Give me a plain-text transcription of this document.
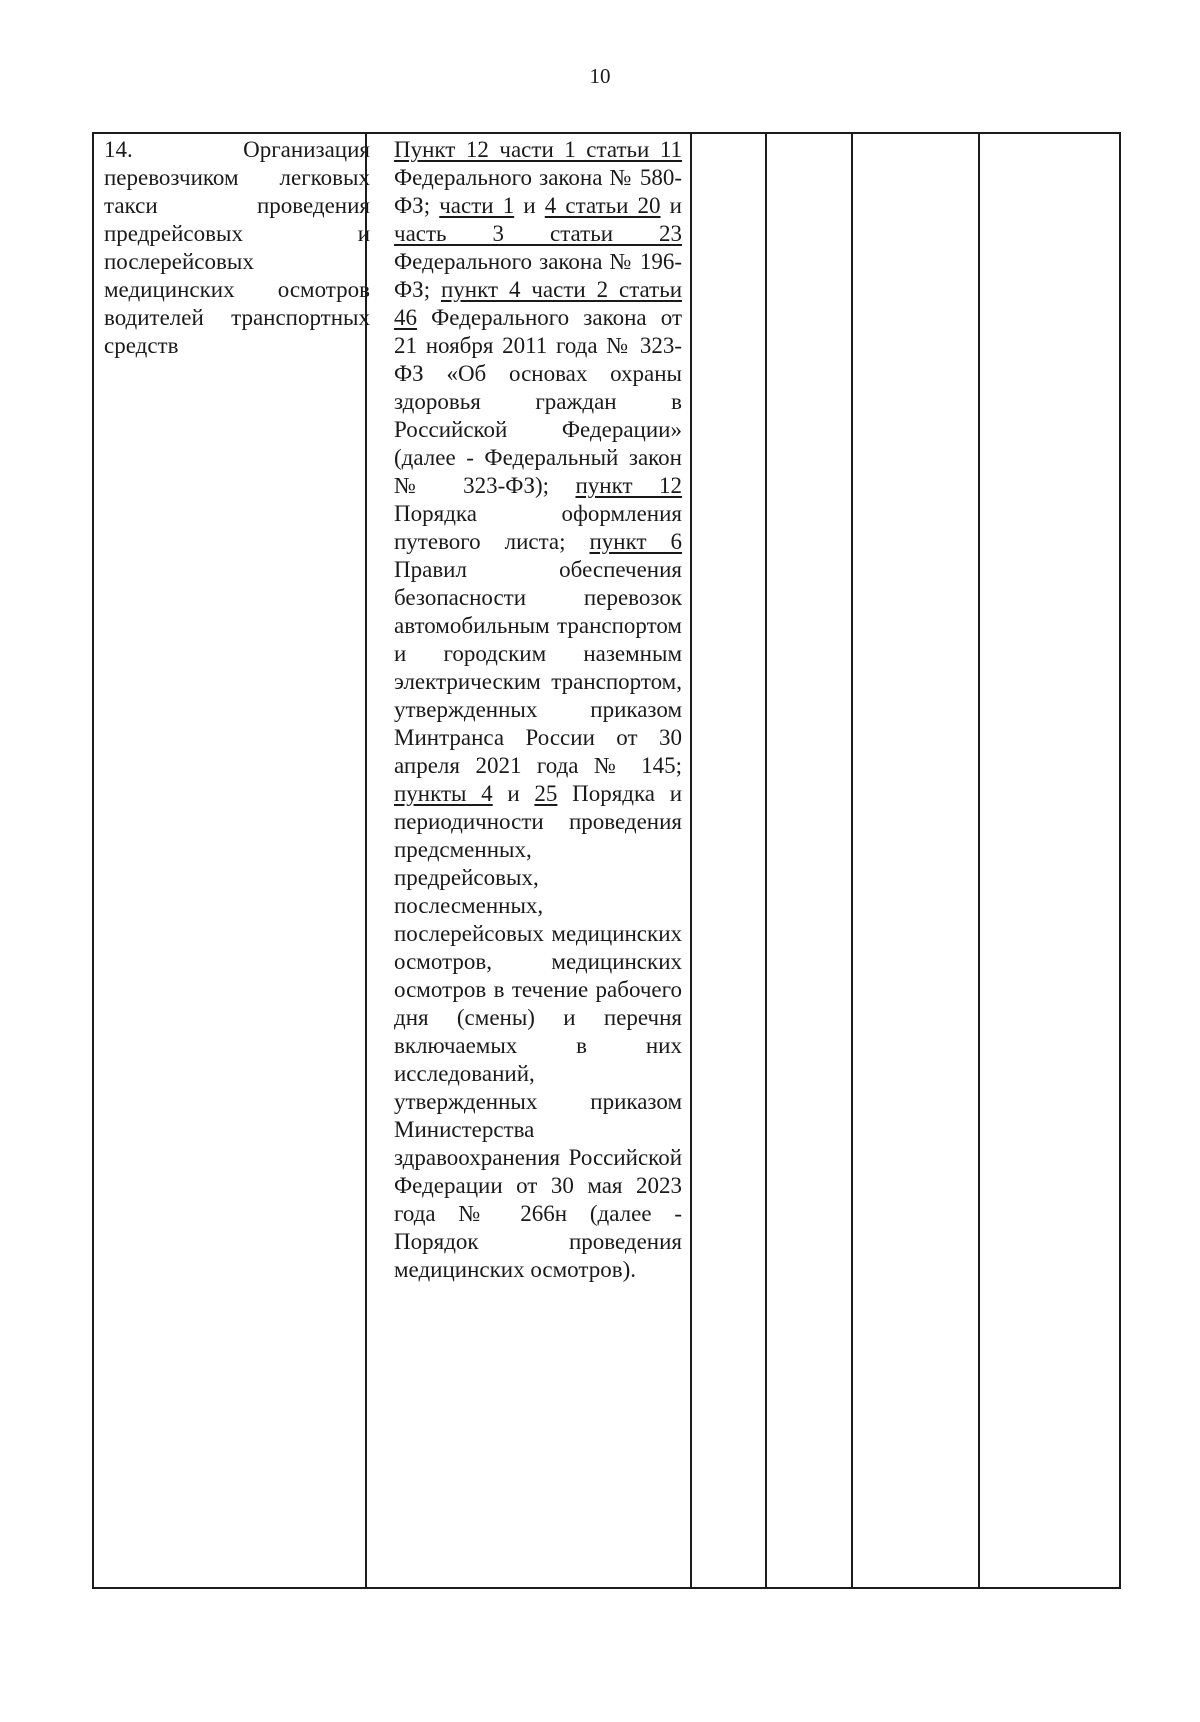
10
14. Организация перевозчиком легковых такси проведения предрейсовых и послерейсовых медицинских осмотров водителей транспортных средств
Пункт 12 части 1 статьи 11 Федерального закона № 580-ФЗ; части 1 и 4 статьи 20 и часть 3 статьи 23 Федерального закона № 196-ФЗ; пункт 4 части 2 статьи 46 Федерального закона от 21 ноября 2011 года № 323-ФЗ «Об основах охраны здоровья граждан в Российской Федерации» (далее - Федеральный закон № 323-ФЗ); пункт 12 Порядка оформления путевого листа; пункт 6 Правил обеспечения безопасности перевозок автомобильным транспортом и городским наземным электрическим транспортом, утвержденных приказом Минтранса России от 30 апреля 2021 года № 145; пункты 4 и 25 Порядка и периодичности проведения предсменных, предрейсовых, послесменных, послерейсовых медицинских осмотров, медицинских осмотров в течение рабочего дня (смены) и перечня включаемых в них исследований, утвержденных приказом Министерства здравоохранения Российской Федерации от 30 мая 2023 года № 266н (далее - Порядок проведения медицинских осмотров).
